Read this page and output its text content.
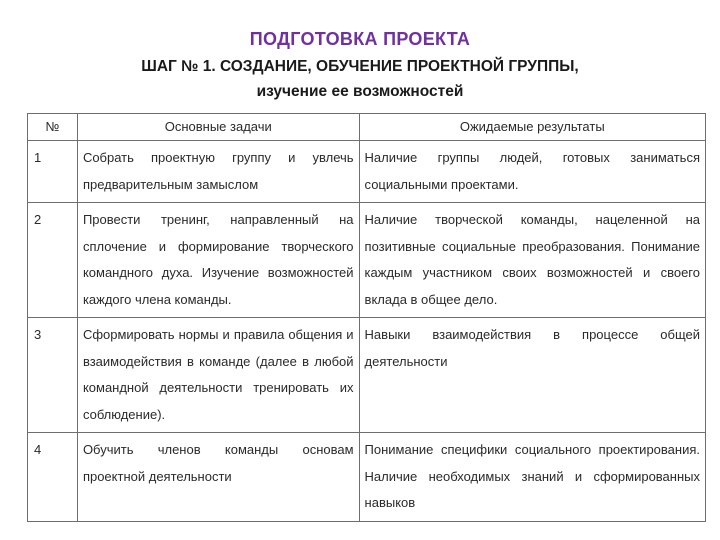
ПОДГОТОВКА ПРОЕКТА
ШАГ № 1. СОЗДАНИЕ, ОБУЧЕНИЕ ПРОЕКТНОЙ ГРУППЫ,
изучение ее возможностей
№	Основные задачи	Ожидаемые результаты
1	Собрать проектную группу и увлечь предварительным замыслом	Наличие группы людей, готовых заниматься социальными проектами.
2	Провести тренинг, направленный на сплочение и формирование творческого командного духа. Изучение возможностей каждого члена команды.	Наличие творческой команды, нацеленной на позитивные социальные преобразования. Понимание каждым участником своих возможностей и своего вклада в общее дело.
3	Сформировать нормы и правила общения и взаимодействия в команде (далее в любой командной деятельности тренировать их соблюдение).	Навыки взаимодействия в процессе общей деятельности
4	Обучить членов команды основам проектной деятельности	Понимание специфики социального проектирования. Наличие необходимых знаний и сформированных навыков
